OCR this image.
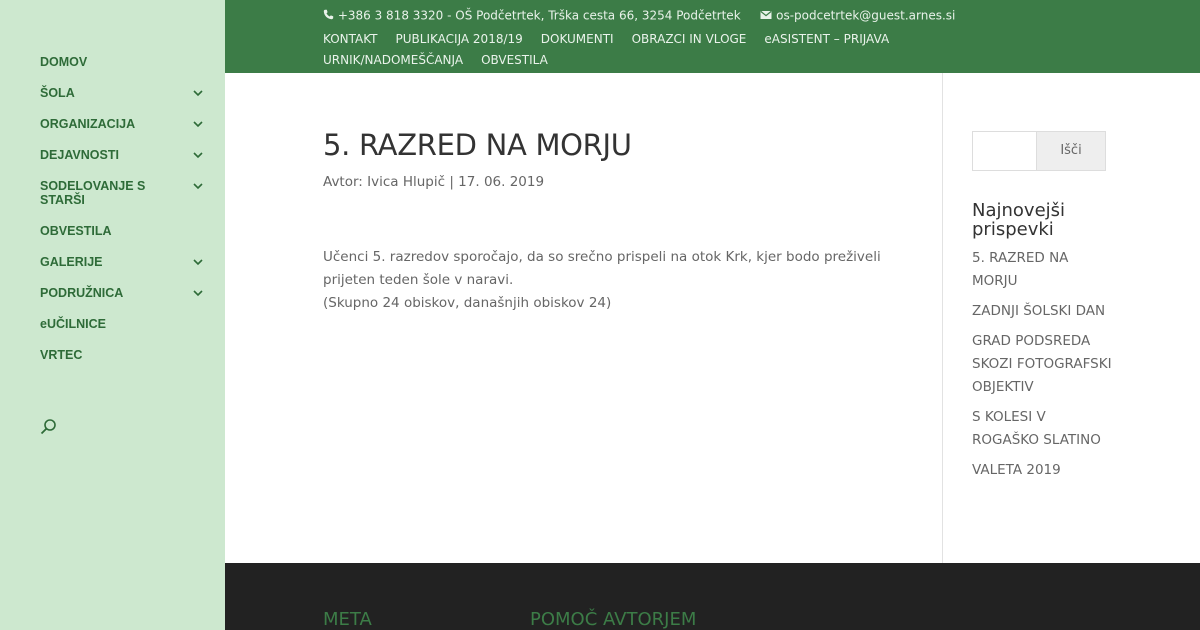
DOMOV
ŠOLA
ORGANIZACIJA
DEJAVNOSTI
SODELOVANJE S STARŠI
OBVESTILA
GALERIJE
PODRUŽNICA
eUČILNICE
VRTEC
+386 3 818 3320 - OŠ Podčetrtek, Trška cesta 66, 3254 Podčetrtek	os-podcetrtek@guest.arnes.si
KONTAKT PUBLIKACIJA 2018/19 DOKUMENTI OBRAZCI IN VLOGE eASISTENT – PRIJAVAURNIK/NADOMEŠČANJA OBVESTILA
5. RAZRED NA MORJU
Avtor: Ivica Hlupič | 17. 06. 2019

Učenci 5. razredov sporočajo, da so srečno prispeli na otok Krk, kjer bodo preživeli prijeten teden šole v naravi.

(Skupno 24 obiskov, današnjih obiskov 24)

Išči
Najnovejši prispevki
5. RAZRED NA MORJU
ZADNJI ŠOLSKI DAN
GRAD PODSREDA SKOZI FOTOGRAFSKI OBJEKTIV
S KOLESI V ROGAŠKO SLATINO
VALETA 2019
META	POMOČ AVTORJEM
